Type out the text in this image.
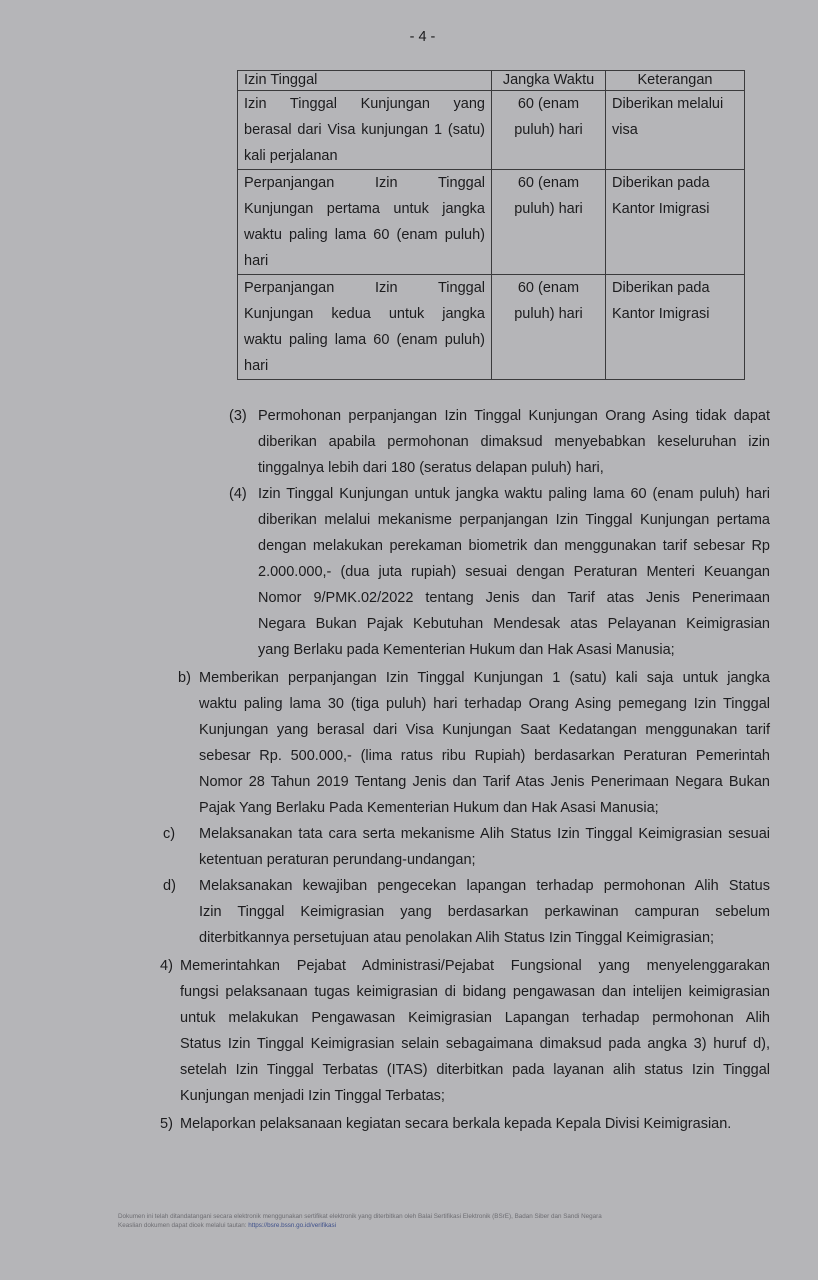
- 4 -
Izin Tinggal	Jangka Waktu	Keterangan

Izin Tinggal Kunjungan yang
berasal dari Visa kunjungan 1 (satu)
kali perjalanan	60 (enam
puluh) hari	Diberikan melalui
visa

Perpanjangan Izin Tinggal
Kunjungan pertama untuk jangka
waktu paling lama 60 (enam puluh)
hari	60 (enam
puluh) hari	Diberikan pada
Kantor Imigrasi

Perpanjangan Izin Tinggal
Kunjungan kedua untuk jangka
waktu paling lama 60 (enam puluh)
hari	60 (enam
puluh) hari	Diberikan pada
Kantor Imigrasi
(3) Permohonan perpanjangan Izin Tinggal Kunjungan Orang Asing tidak dapat
diberikan apabila permohonan dimaksud menyebabkan keseluruhan izin
tinggalnya lebih dari 180 (seratus delapan puluh) hari,
(4) Izin Tinggal Kunjungan untuk jangka waktu paling lama 60 (enam puluh) hari
diberikan melalui mekanisme perpanjangan Izin Tinggal Kunjungan pertama
dengan melakukan perekaman biometrik dan menggunakan tarif sebesar Rp
2.000.000,- (dua juta rupiah) sesuai dengan Peraturan Menteri Keuangan
Nomor 9/PMK.02/2022 tentang Jenis dan Tarif atas Jenis Penerimaan
Negara Bukan Pajak Kebutuhan Mendesak atas Pelayanan Keimigrasian
yang Berlaku pada Kementerian Hukum dan Hak Asasi Manusia;
b) Memberikan perpanjangan Izin Tinggal Kunjungan 1 (satu) kali saja untuk jangka
waktu paling lama 30 (tiga puluh) hari terhadap Orang Asing pemegang Izin Tinggal
Kunjungan yang berasal dari Visa Kunjungan Saat Kedatangan menggunakan tarif
sebesar Rp. 500.000,- (lima ratus ribu Rupiah) berdasarkan Peraturan Pemerintah
Nomor 28 Tahun 2019 Tentang Jenis dan Tarif Atas Jenis Penerimaan Negara Bukan
Pajak Yang Berlaku Pada Kementerian Hukum dan Hak Asasi Manusia;
c) Melaksanakan tata cara serta mekanisme Alih Status Izin Tinggal Keimigrasian sesuai
ketentuan peraturan perundang-undangan;
d) Melaksanakan kewajiban pengecekan lapangan terhadap permohonan Alih Status
Izin Tinggal Keimigrasian yang berdasarkan perkawinan campuran sebelum
diterbitkannya persetujuan atau penolakan Alih Status Izin Tinggal Keimigrasian;
4) Memerintahkan Pejabat Administrasi/Pejabat Fungsional yang menyelenggarakan
fungsi pelaksanaan tugas keimigrasian di bidang pengawasan dan intelijen keimigrasian
untuk melakukan Pengawasan Keimigrasian Lapangan terhadap permohonan Alih
Status Izin Tinggal Keimigrasian selain sebagaimana dimaksud pada angka 3) huruf d),
setelah Izin Tinggal Terbatas (ITAS) diterbitkan pada layanan alih status Izin Tinggal
Kunjungan menjadi Izin Tinggal Terbatas;
5) Melaporkan pelaksanaan kegiatan secara berkala kepada Kepala Divisi Keimigrasian.
Dokumen ini telah ditandatangani secara elektronik menggunakan sertifikat elektronik yang diterbitkan oleh Balai Sertifikasi Elektronik (BSrE), Badan Siber dan Sandi Negara
Keaslian dokumen dapat dicek melalui tautan: https://bsre.bssn.go.id/verifikasi
